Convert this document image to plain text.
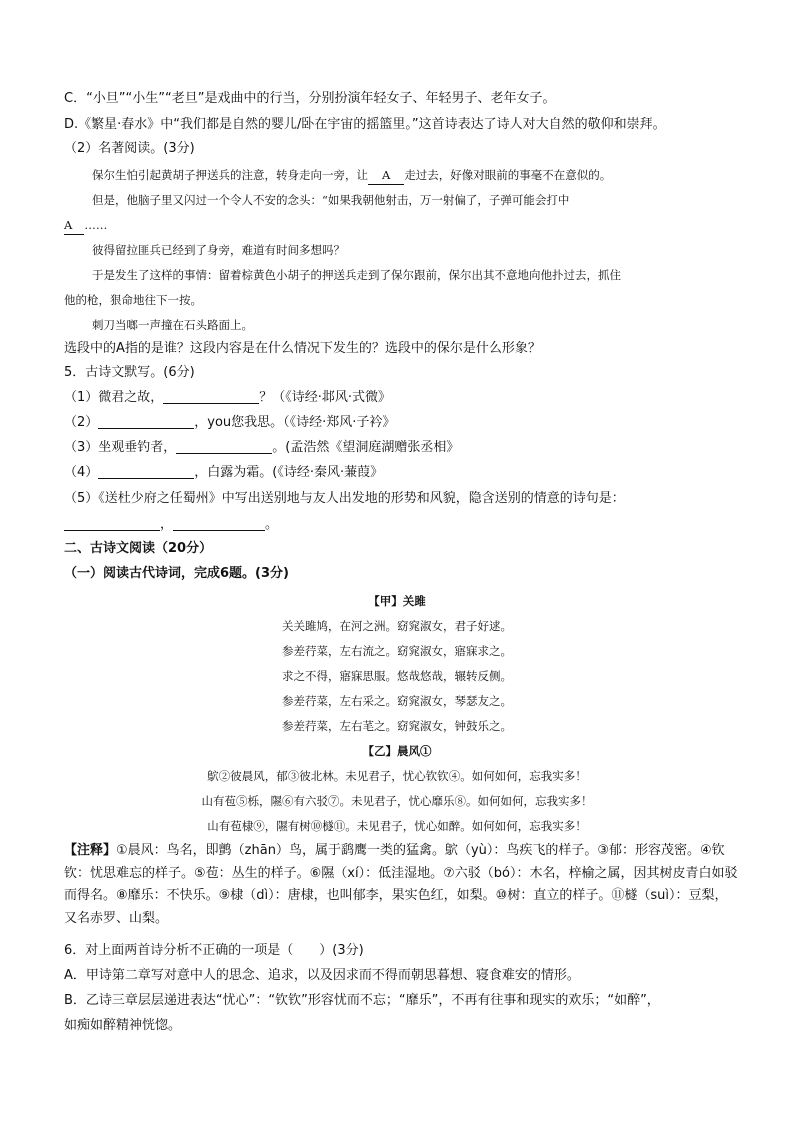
C．“小旦”“小生”“老旦”是戏曲中的行当，分别扮演年轻女子、年轻男子、老年女子。
D.《繁星·春水》中“我们都是自然的婴儿/卧在宇宙的摇篮里。”这首诗表达了诗人对大自然的敬仰和崇拜。
（2）名著阅读。(3分)
保尔生怕引起黄胡子押送兵的注意，转身走向一旁，让 A 走过去，好像对眼前的事毫不在意似的。
但是，他脑子里又闪过一个令人不安的念头：“如果我朝他射击，万一射偏了，子弹可能会打中
A ……
彼得留拉匪兵已经到了身旁，难道有时间多想吗？
于是发生了这样的事情：留着棕黄色小胡子的押送兵走到了保尔跟前，保尔出其不意地向他扑过去，抓住
他的枪，狠命地往下一按。
刺刀当啷一声撞在石头路面上。
选段中的A指的是谁？这段内容是在什么情况下发生的？选段中的保尔是什么形象？
5．古诗文默写。(6分)
（1）微君之故，	？（《诗经·邶风·式微》
（2）	，you您我思。（《诗经·郑风·子衿》
（3）坐观垂钓者，	。(孟浩然《望洞庭湖赠张丞相》
（4）	，白露为霜。(《诗经·秦风·蒹葭》
（5）《送杜少府之任蜀州》中写出送别地与友人出发地的形势和风貌，隐含送别的情意的诗句是：
，	。
二、古诗文阅读（20分）
（一）阅读古代诗词，完成6题。(3分)
【甲】关雎
关关雎鸠，在河之洲。窈窕淑女，君子好逑。
参差荇菜，左右流之。窈窕淑女，寤寐求之。
求之不得，寤寐思服。悠哉悠哉，辗转反侧。
参差荇菜，左右采之。窈窕淑女，琴瑟友之。
参差荇菜，左右芼之。窈窕淑女，钟鼓乐之。
【乙】晨风①
鴥②彼晨风，郁③彼北林。未见君子，忧心钦钦④。如何如何，忘我实多！
山有苞⑤栎，隰⑥有六驳⑦。未见君子，忧心靡乐⑧。如何如何，忘我实多！
山有苞棣⑨，隰有树⑩檖⑪。未见君子，忧心如醉。如何如何，忘我实多！
【注释】①晨风：鸟名，即鹯（zhān）鸟，属于鹞鹰一类的猛禽。鴥（yù）：鸟疾飞的样子。③郁：形容茂密。④钦钦：忧思难忘的样子。⑤苞：丛生的样子。⑥隰（xí）：低洼湿地。⑦六驳（bó）：木名，梓榆之属，因其树皮青白如驳而得名。⑧靡乐：不快乐。⑨棣（dì）：唐棣，也叫郁李，果实色红，如梨。⑩树：直立的样子。⑪檖（suì）：豆梨，又名赤罗、山梨。
6．对上面两首诗分析不正确的一项是（　　）(3分)
A．甲诗第二章写对意中人的思念、追求，以及因求而不得而朝思暮想、寝食难安的情形。
B．乙诗三章层层递进表达“忧心”：“钦钦”形容忧而不忘；“靡乐”，不再有往事和现实的欢乐；“如醉”，
如痴如醉精神恍惚。
